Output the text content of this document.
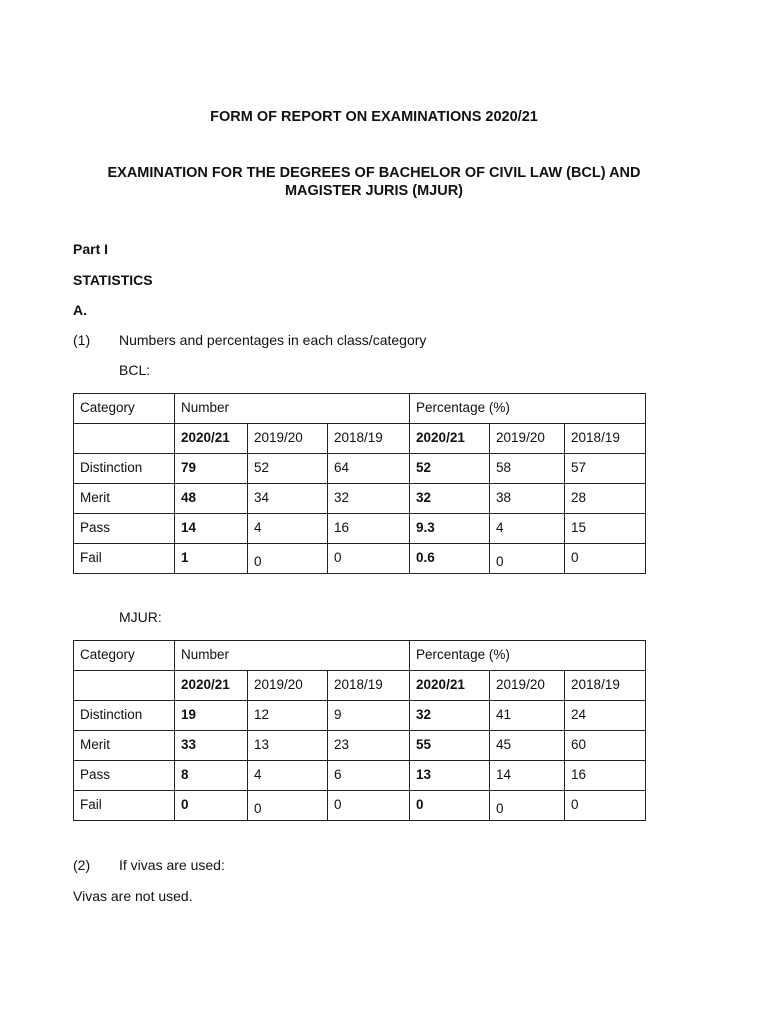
FORM OF REPORT ON EXAMINATIONS 2020/21
EXAMINATION FOR THE DEGREES OF BACHELOR OF CIVIL LAW (BCL) AND MAGISTER JURIS (MJUR)
Part I
STATISTICS
A.
(1) Numbers and percentages in each class/category
BCL:
Category	Number			Percentage (%)		
	2020/21	2019/20	2018/19	2020/21	2019/20	2018/19
Distinction	79	52	64	52	58	57
Merit	48	34	32	32	38	28
Pass	14	4	16	9.3	4	15
Fail	1	0	0	0.6	0	0
MJUR:
Category	Number			Percentage (%)		
	2020/21	2019/20	2018/19	2020/21	2019/20	2018/19
Distinction	19	12	9	32	41	24
Merit	33	13	23	55	45	60
Pass	8	4	6	13	14	16
Fail	0	0	0	0	0	0
(2) If vivas are used:
Vivas are not used.
